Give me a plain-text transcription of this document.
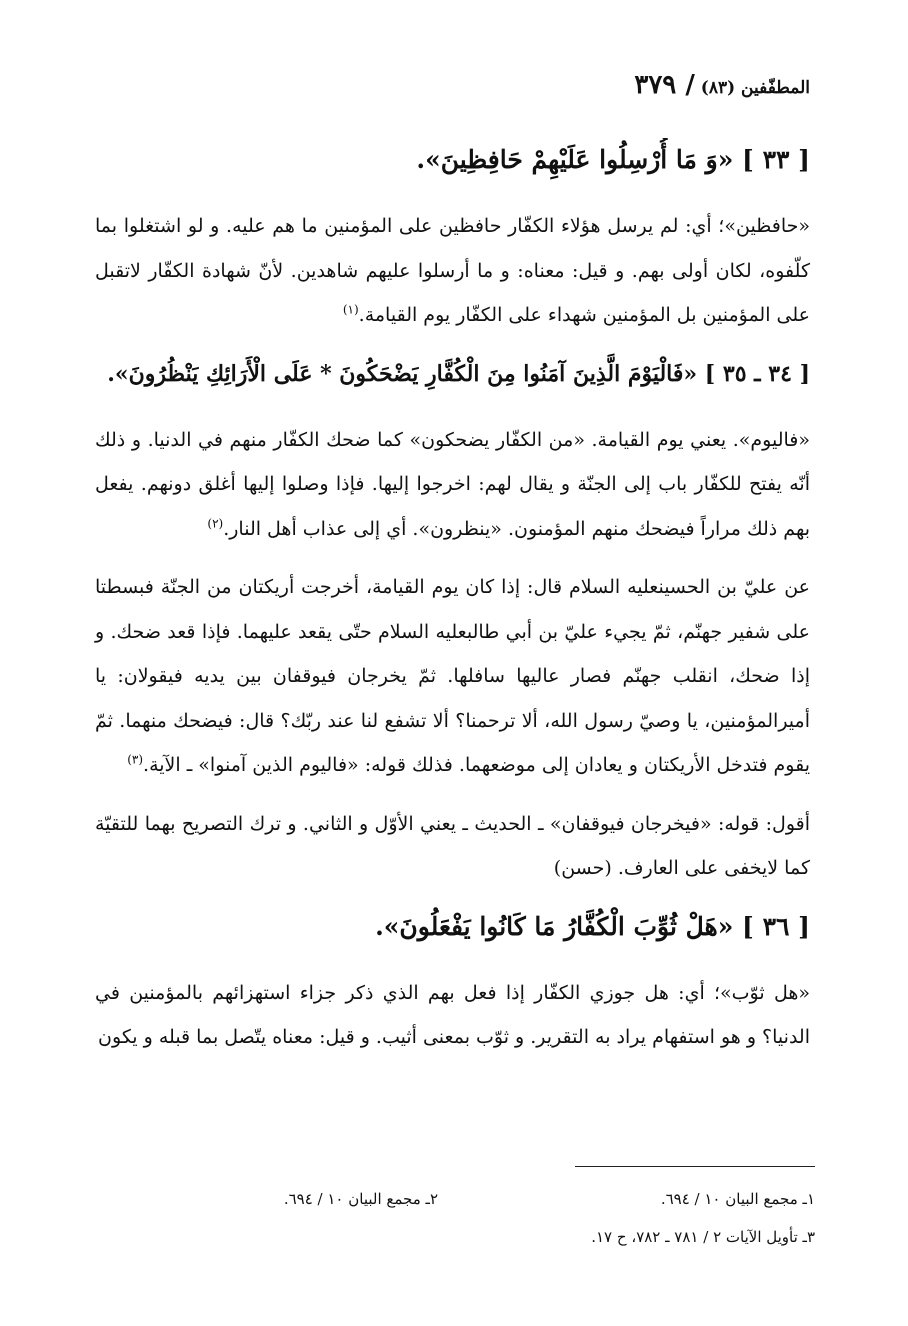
المطفّفين (٨٣) / ٣٧٩
[ ٣٣ ] «وَ مَا أُرْسِلُوا عَلَيْهِمْ حَافِظِينَ».

«حافظين»؛ أي: لم يرسل هؤلاء الكفّار حافظين على المؤمنين ما هم عليه. و لو اشتغلوا بما كلّفوه، لكان أولى بهم. و قيل: معناه: و ما أرسلوا عليهم شاهدين. لأنّ شهادة الكفّار لاتقبل على المؤمنين بل المؤمنين شهداء على الكفّار يوم القيامة.$^{(١)}$

[ ٣٤ ـ ٣٥ ] «فَالْيَوْمَ الَّذِينَ آمَنُوا مِنَ الْكُفَّارِ يَضْحَكُونَ * عَلَى الْأَرَائِكِ يَنْظُرُونَ».

«فاليوم». يعني يوم القيامة. «من الكفّار يضحكون» كما ضحك الكفّار منهم في الدنيا. و ذلك أنّه يفتح للكفّار باب إلى الجنّة و يقال لهم: اخرجوا إليها. فإذا وصلوا إليها أغلق دونهم. يفعل بهم ذلك مراراً فيضحك منهم المؤمنون. «ينظرون». أي إلى عذاب أهل النار.$^{(٢)}$

عن عليّ بن الحسينعليه السلام قال: إذا كان يوم القيامة، أخرجت أريكتان من الجنّة فبسطتا على شفير جهنّم، ثمّ يجيء عليّ بن أبي طالبعليه السلام حتّى يقعد عليهما. فإذا قعد ضحك. و إذا ضحك، انقلب جهنّم فصار عاليها سافلها. ثمّ يخرجان فيوقفان بين يديه فيقولان: يا أميرالمؤمنين، يا وصيّ رسول الله، ألا ترحمنا؟ ألا تشفع لنا عند ربّك؟ قال: فيضحك منهما. ثمّ يقوم فتدخل الأريكتان و يعادان إلى موضعهما. فذلك قوله: «فاليوم الذين آمنوا» ـ الآية.$^{(٣)}$

أقول: قوله: «فيخرجان فيوقفان» ـ الحديث ـ يعني الأوّل و الثاني. و ترك التصريح بهما للتقيّة كما لايخفى على العارف. (حسن)

[ ٣٦ ] «هَلْ ثُوِّبَ الْكُفَّارُ مَا كَانُوا يَفْعَلُونَ».

«هل ثوّب»؛ أي: هل جوزي الكفّار إذا فعل بهم الذي ذكر جزاء استهزائهم بالمؤمنين في الدنيا؟ و هو استفهام يراد به التقرير. و ثوّب بمعنى أثيب. و قيل: معناه يتّصل بما قبله و يكون

١ـ مجمع البيان ١٠ / ٦٩٤.
٢ـ مجمع البيان ١٠ / ٦٩٤.
٣ـ تأويل الآيات ٢ / ٧٨١ ـ ٧٨٢، ح ١٧.
